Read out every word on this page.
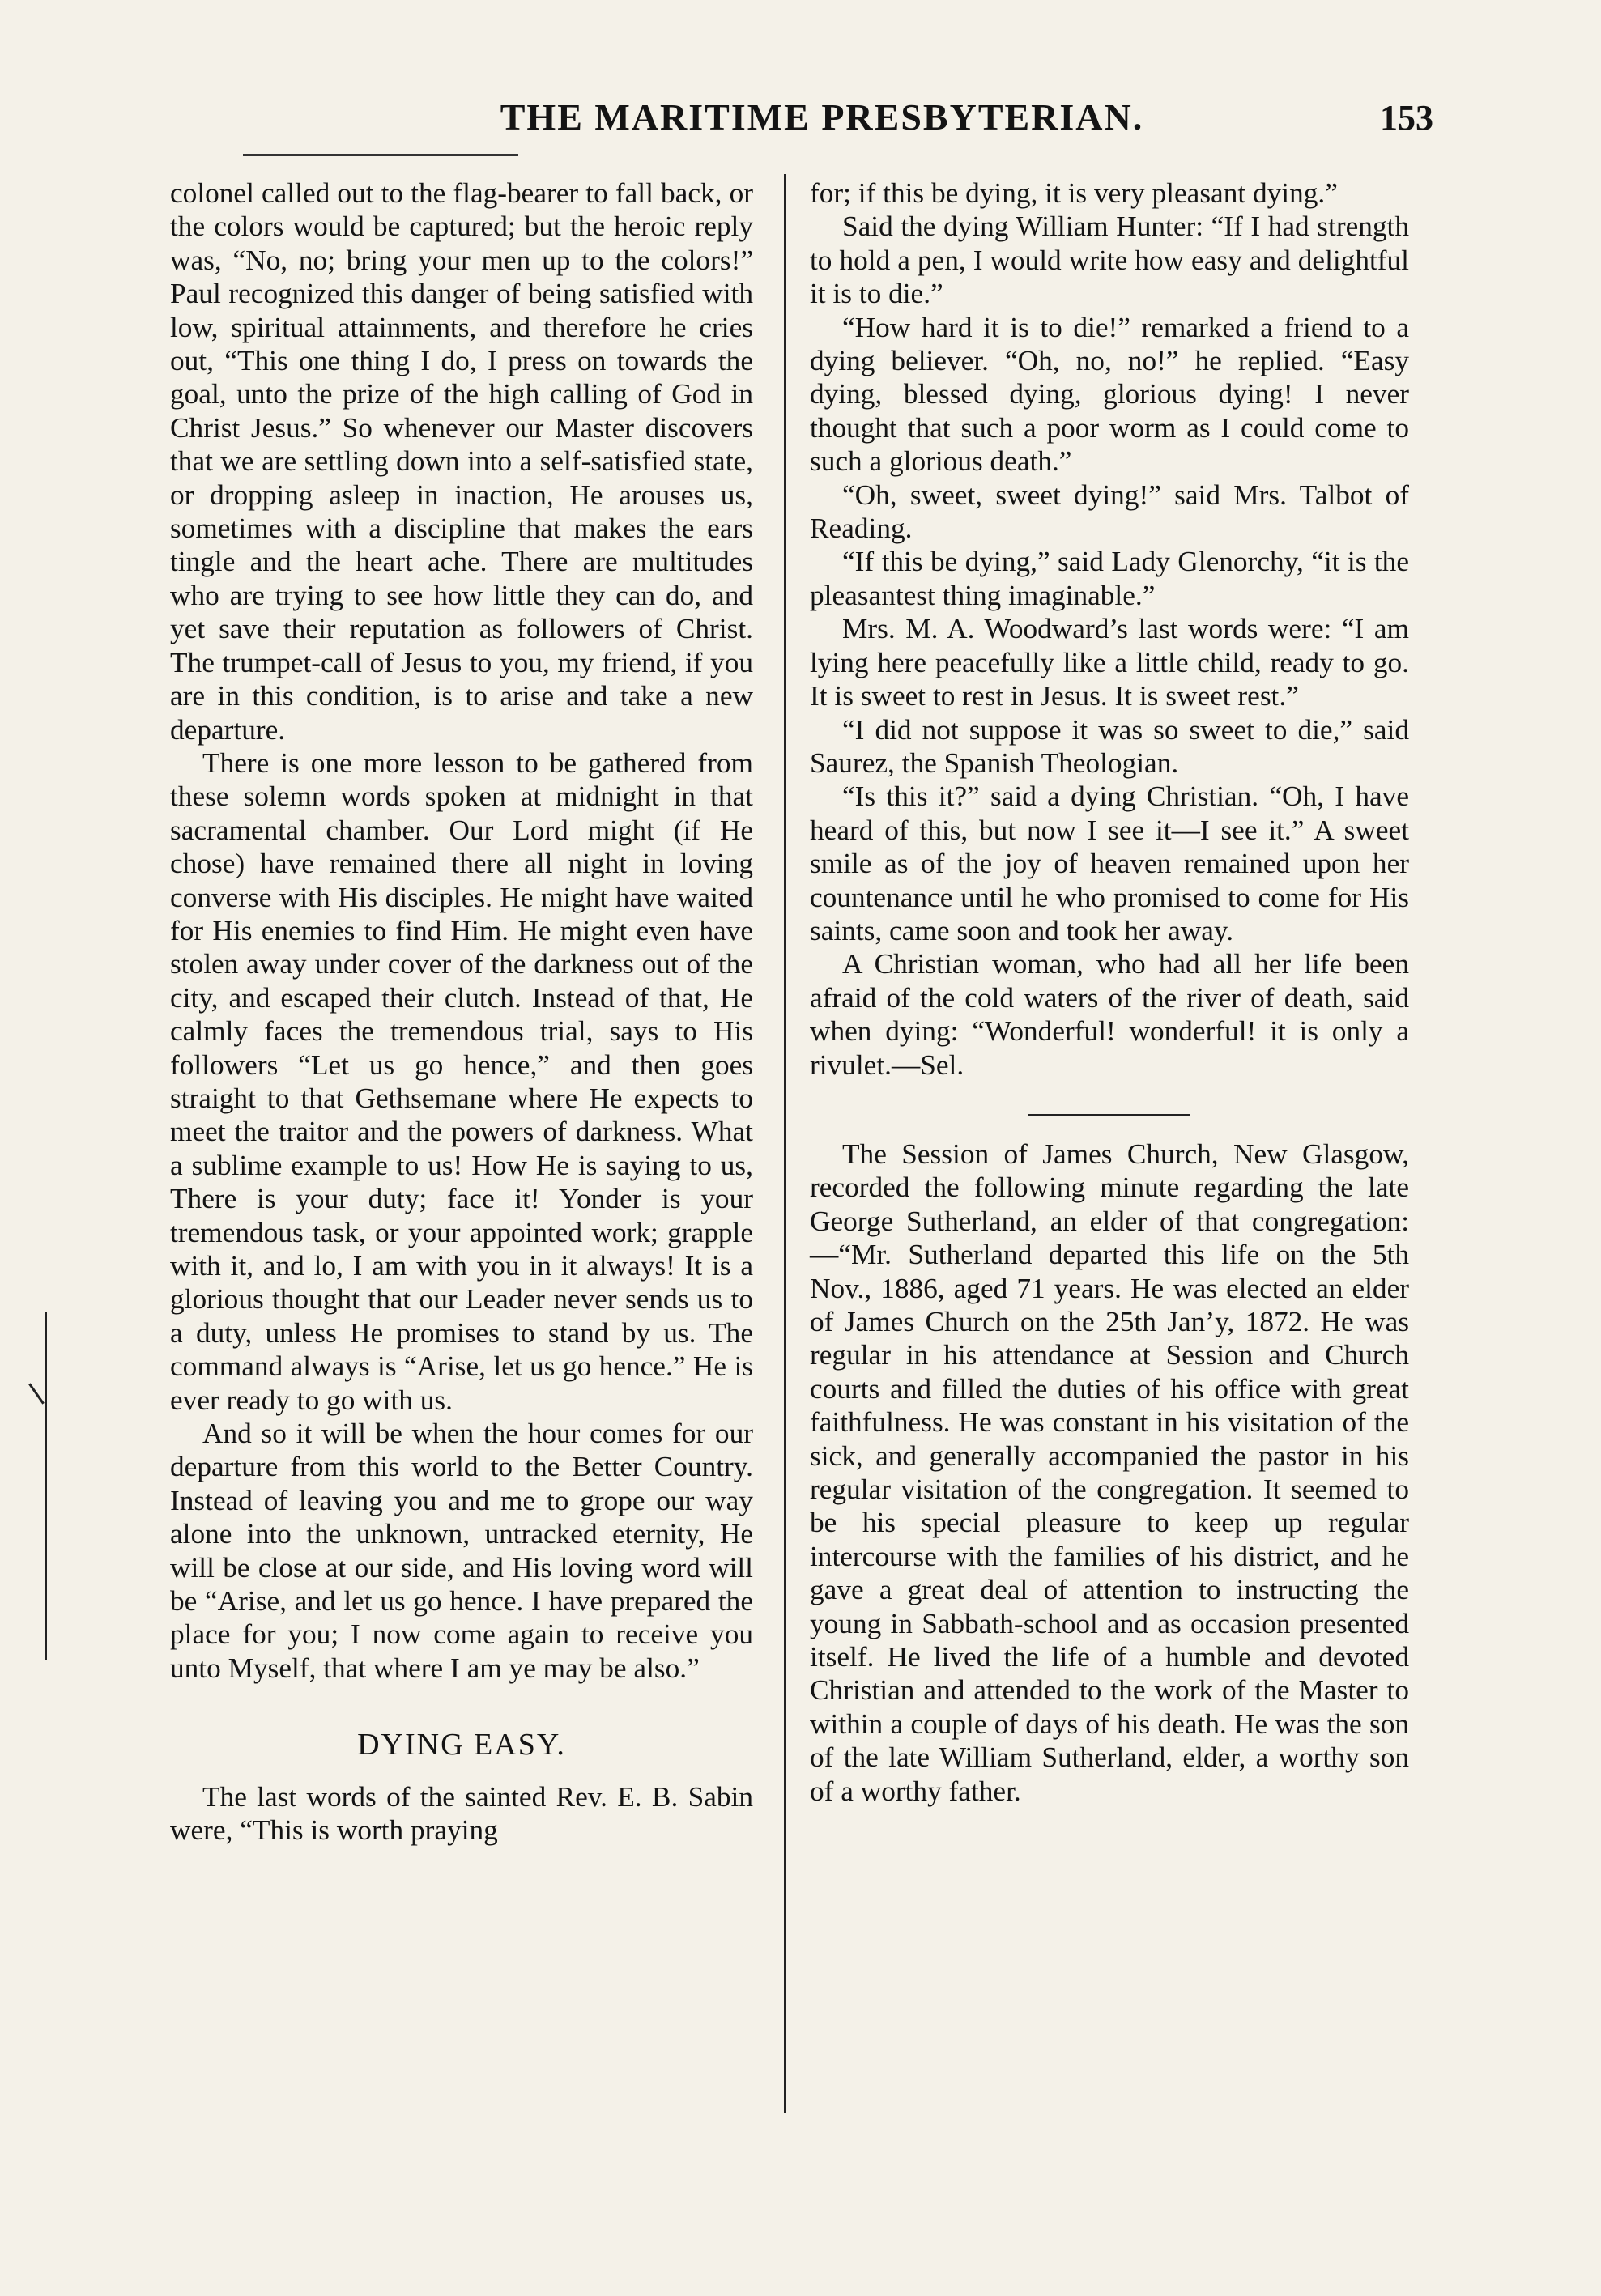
THE MARITIME PRESBYTERIAN.	153

colonel called out to the flag-bearer to fall back, or the colors would be captured; but the heroic reply was, “No, no; bring your men up to the colors!” Paul recognized this danger of being satisfied with low, spiritual attainments, and therefore he cries out, “This one thing I do, I press on towards the goal, unto the prize of the high calling of God in Christ Jesus.” So whenever our Master discovers that we are settling down into a self-satisfied state, or dropping asleep in inaction, He arouses us, sometimes with a discipline that makes the ears tingle and the heart ache. There are multitudes who are trying to see how little they can do, and yet save their reputation as followers of Christ. The trumpet-call of Jesus to you, my friend, if you are in this condition, is to arise and take a new departure.

There is one more lesson to be gathered from these solemn words spoken at midnight in that sacramental chamber. Our Lord might (if He chose) have remained there all night in loving converse with His disciples. He might have waited for His enemies to find Him. He might even have stolen away under cover of the darkness out of the city, and escaped their clutch. Instead of that, He calmly faces the tremendous trial, says to His followers “Let us go hence,” and then goes straight to that Gethsemane where He expects to meet the traitor and the powers of darkness. What a sublime example to us! How He is saying to us, There is your duty; face it! Yonder is your tremendous task, or your appointed work; grapple with it, and lo, I am with you in it always! It is a glorious thought that our Leader never sends us to a duty, unless He promises to stand by us. The command always is “Arise, let us go hence.” He is ever ready to go with us.

And so it will be when the hour comes for our departure from this world to the Better Country. Instead of leaving you and me to grope our way alone into the unknown, untracked eternity, He will be close at our side, and His loving word will be “Arise, and let us go hence. I have prepared the place for you; I now come again to receive you unto Myself, that where I am ye may be also.”

DYING EASY.

The last words of the sainted Rev. E. B. Sabin were, “This is worth praying

for; if this be dying, it is very pleasant dying.”

Said the dying William Hunter: “If I had strength to hold a pen, I would write how easy and delightful it is to die.”

“How hard it is to die!” remarked a friend to a dying believer. “Oh, no, no!” he replied. “Easy dying, blessed dying, glorious dying! I never thought that such a poor worm as I could come to such a glorious death.”

“Oh, sweet, sweet dying!” said Mrs. Talbot of Reading.

“If this be dying,” said Lady Glenorchy, “it is the pleasantest thing imaginable.”

Mrs. M. A. Woodward’s last words were: “I am lying here peacefully like a little child, ready to go. It is sweet to rest in Jesus. It is sweet rest.”

“I did not suppose it was so sweet to die,” said Saurez, the Spanish Theologian.

“Is this it?” said a dying Christian. “Oh, I have heard of this, but now I see it—I see it.” A sweet smile as of the joy of heaven remained upon her countenance until he who promised to come for His saints, came soon and took her away.

A Christian woman, who had all her life been afraid of the cold waters of the river of death, said when dying: “Wonderful! wonderful! it is only a rivulet.—Sel.

The Session of James Church, New Glasgow, recorded the following minute regarding the late George Sutherland, an elder of that congregation:—“Mr. Sutherland departed this life on the 5th Nov., 1886, aged 71 years. He was elected an elder of James Church on the 25th Jan’y, 1872. He was regular in his attendance at Session and Church courts and filled the duties of his office with great faithfulness. He was constant in his visitation of the sick, and generally accompanied the pastor in his regular visitation of the congregation. It seemed to be his special pleasure to keep up regular intercourse with the families of his district, and he gave a great deal of attention to instructing the young in Sabbath-school and as occasion presented itself. He lived the life of a humble and devoted Christian and attended to the work of the Master to within a couple of days of his death. He was the son of the late William Sutherland, elder, a worthy son of a worthy father.
